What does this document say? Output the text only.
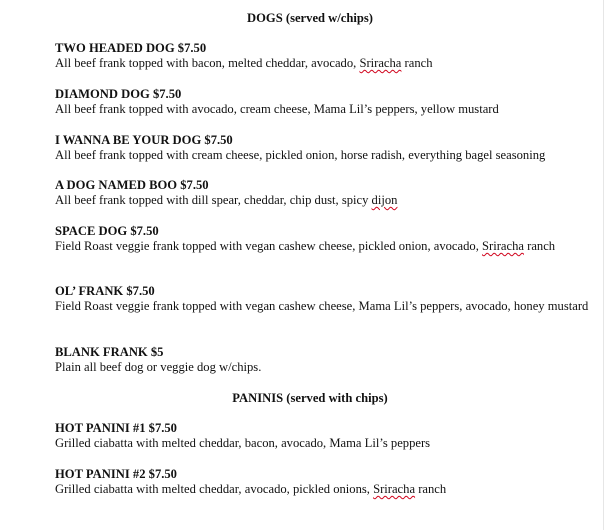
DOGS (served w/chips)

TWO HEADED DOG $7.50
All beef frank topped with bacon, melted cheddar, avocado, Sriracha ranch
DIAMOND DOG $7.50
All beef frank topped with avocado, cream cheese, Mama Lil’s peppers, yellow mustard
I WANNA BE YOUR DOG $7.50
All beef frank topped with cream cheese, pickled onion, horse radish, everything bagel seasoning
A DOG NAMED BOO $7.50
All beef frank topped with dill spear, cheddar, chip dust, spicy dijon
SPACE DOG $7.50
Field Roast veggie frank topped with vegan cashew cheese, pickled onion, avocado, Sriracha ranch
OL’ FRANK $7.50
Field Roast veggie frank topped with vegan cashew cheese, Mama Lil’s peppers, avocado, honey mustard
BLANK FRANK $5
Plain all beef dog or veggie dog w/chips.

PANINIS (served with chips)

HOT PANINI #1 $7.50
Grilled ciabatta with melted cheddar, bacon, avocado, Mama Lil’s peppers
HOT PANINI #2 $7.50
Grilled ciabatta with melted cheddar, avocado, pickled onions, Sriracha ranch
